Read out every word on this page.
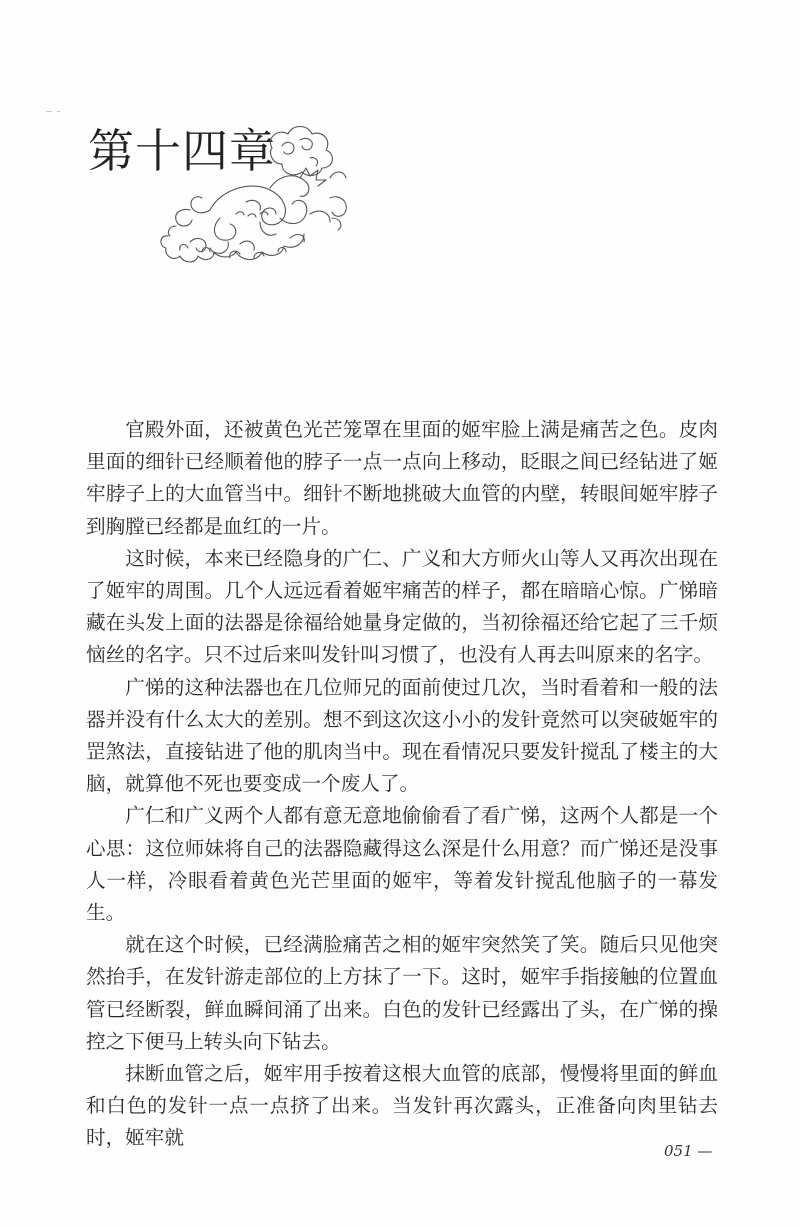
第十四章

官殿外面，还被黄色光芒笼罩在里面的姬牢脸上满是痛苦之色。皮肉里面的细针已经顺着他的脖子一点一点向上移动，眨眼之间已经钻进了姬牢脖子上的大血管当中。细针不断地挑破大血管的内壁，转眼间姬牢脖子到胸膛已经都是血红的一片。

这时候，本来已经隐身的广仁、广义和大方师火山等人又再次出现在了姬牢的周围。几个人远远看着姬牢痛苦的样子，都在暗暗心惊。广悌暗藏在头发上面的法器是徐福给她量身定做的，当初徐福还给它起了三千烦恼丝的名字。只不过后来叫发针叫习惯了，也没有人再去叫原来的名字。

广悌的这种法器也在几位师兄的面前使过几次，当时看着和一般的法器并没有什么太大的差别。想不到这次这小小的发针竟然可以突破姬牢的罡煞法，直接钻进了他的肌肉当中。现在看情况只要发针搅乱了楼主的大脑，就算他不死也要变成一个废人了。

广仁和广义两个人都有意无意地偷偷看了看广悌，这两个人都是一个心思：这位师妹将自己的法器隐藏得这么深是什么用意？而广悌还是没事人一样，冷眼看着黄色光芒里面的姬牢，等着发针搅乱他脑子的一幕发生。

就在这个时候，已经满脸痛苦之相的姬牢突然笑了笑。随后只见他突然抬手，在发针游走部位的上方抹了一下。这时，姬牢手指接触的位置血管已经断裂，鲜血瞬间涌了出来。白色的发针已经露出了头，在广悌的操控之下便马上转头向下钻去。

抹断血管之后，姬牢用手按着这根大血管的底部，慢慢将里面的鲜血和白色的发针一点一点挤了出来。当发针再次露头，正准备向肉里钻去时，姬牢就

051 —
